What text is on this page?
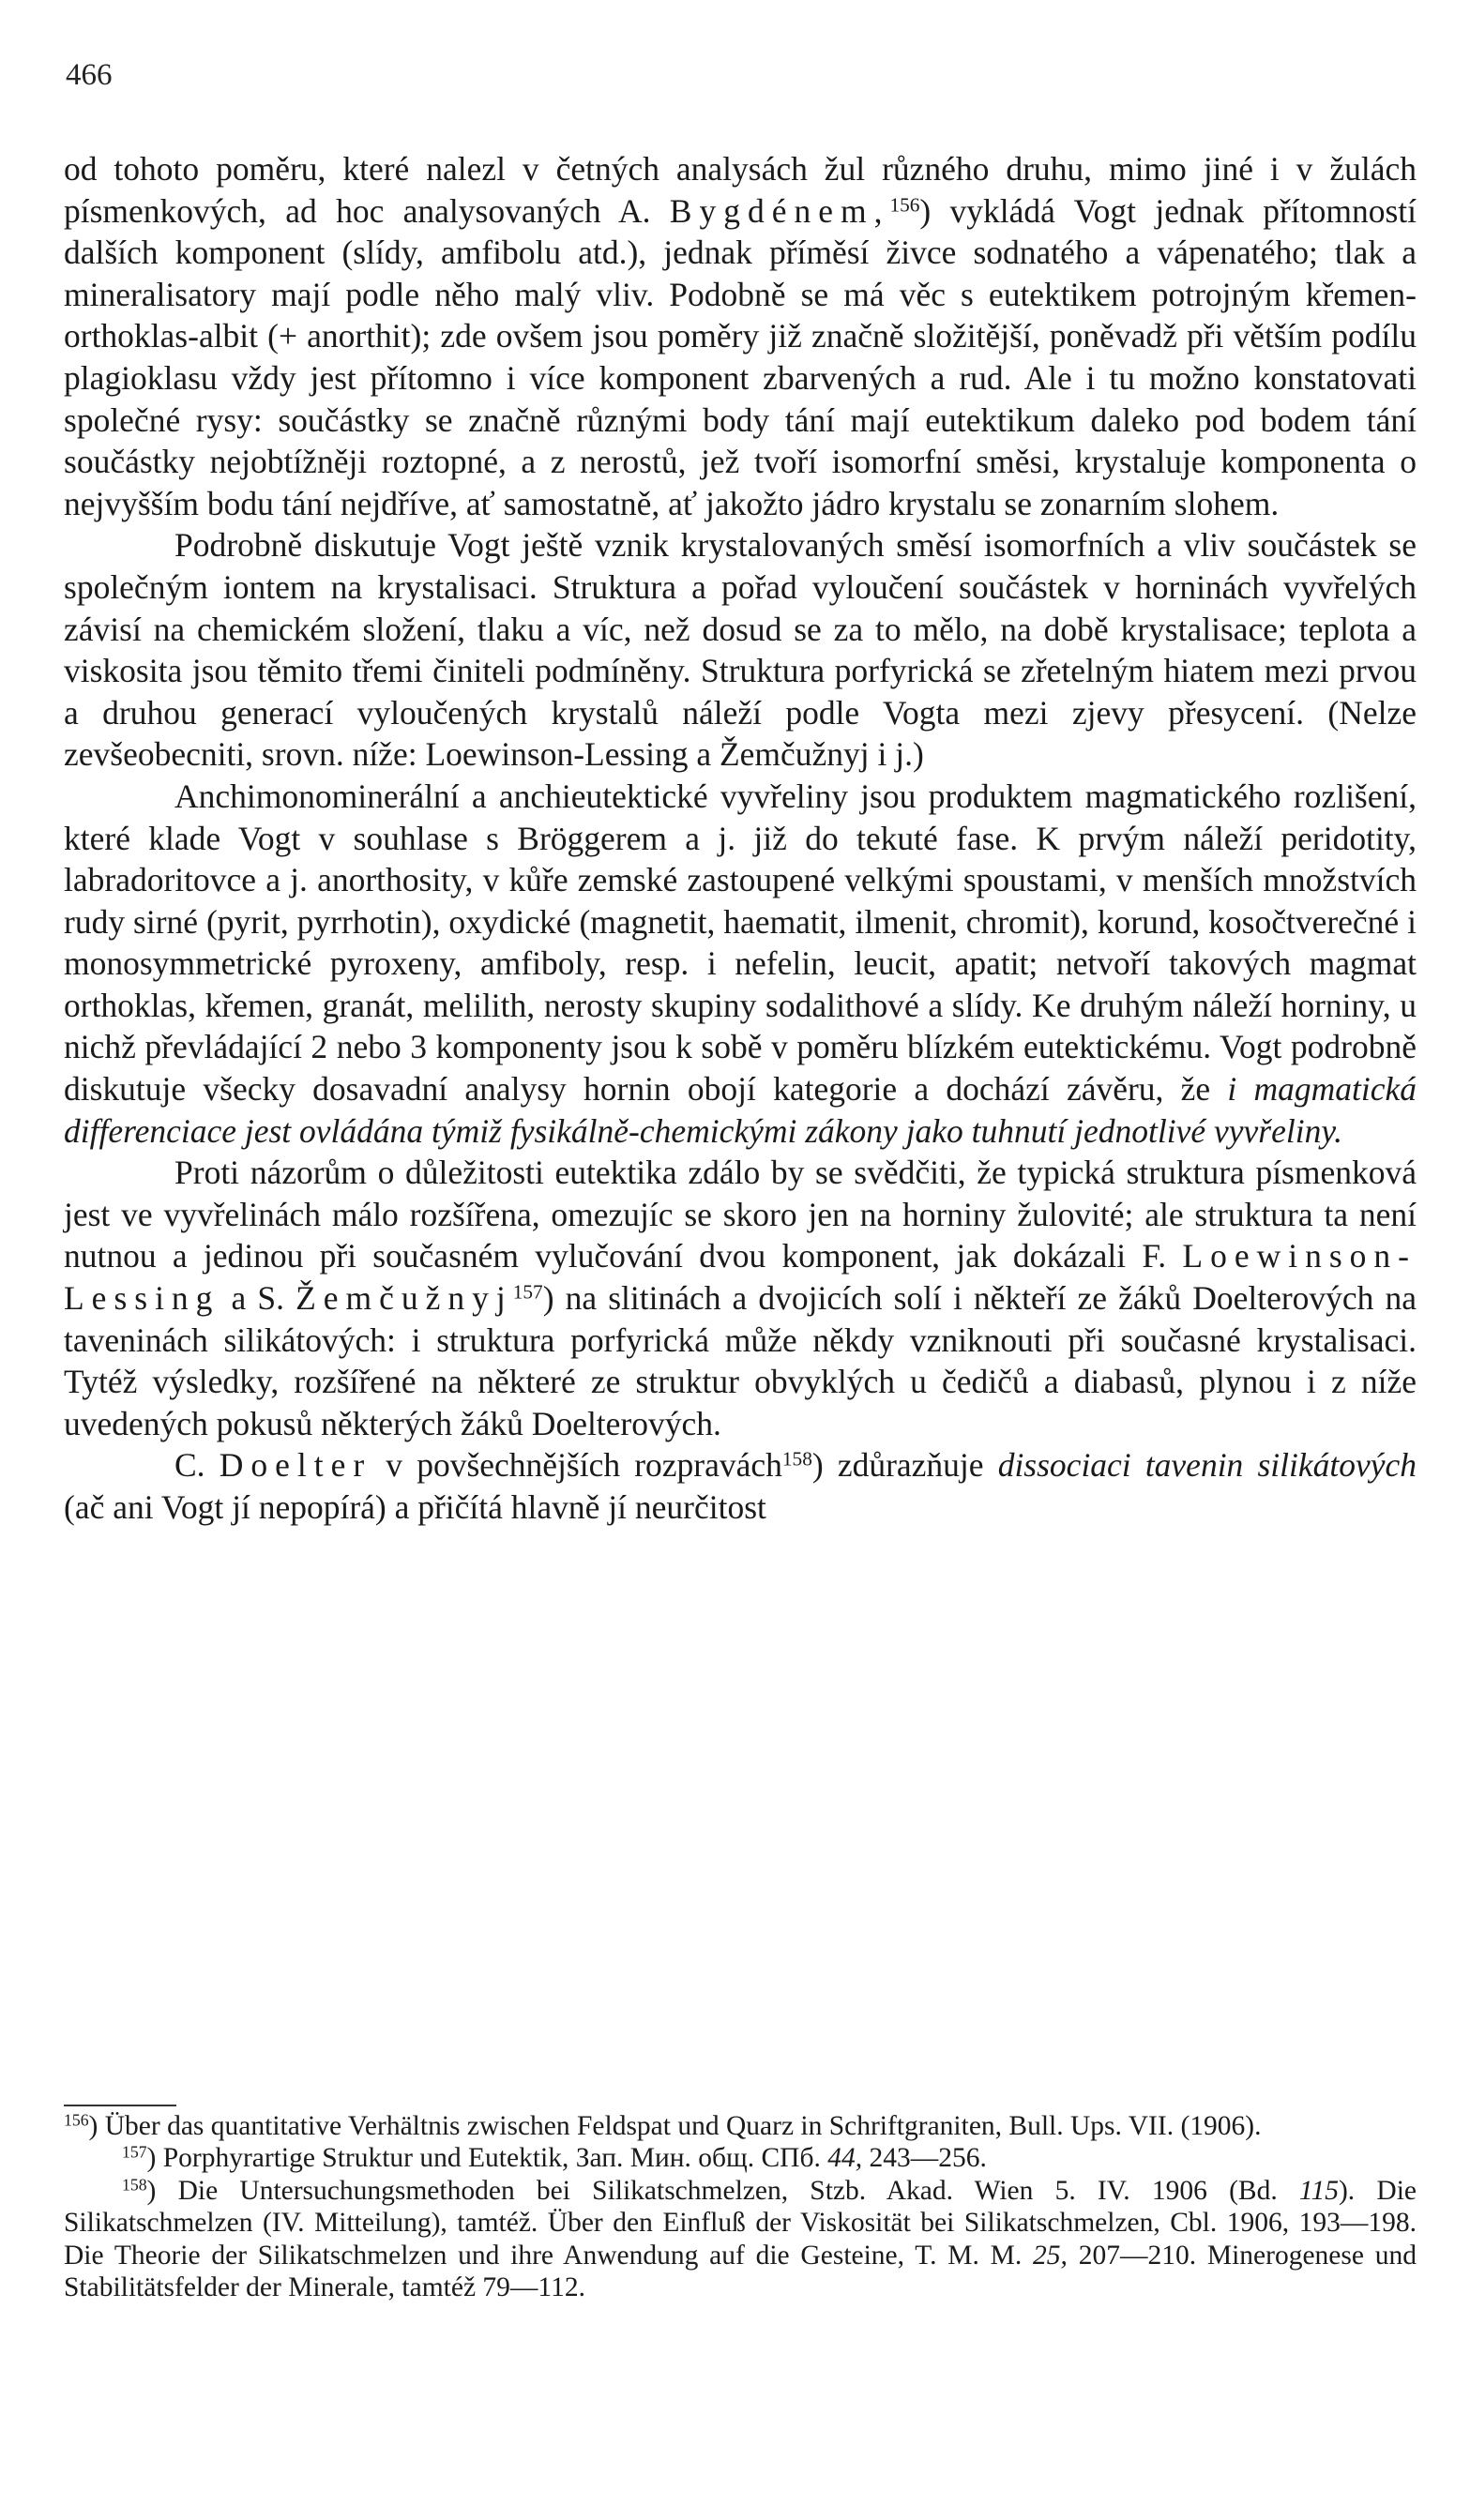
466

od tohoto poměru, které nalezl v četných analysách žul různého druhu, mimo jiné i v žulách písmenkových, ad hoc analysovaných A. Bygdénem,$^{156}$) vykládá Vogt jednak přítomností dalších komponent (slídy, amfibolu atd.), jednak příměsí živce sodnatého a vápenatého; tlak a mineralisatory mají podle něho malý vliv. Podobně se má věc s eutektikem potrojným křemen-orthoklas-albit (+ anorthit); zde ovšem jsou poměry již značně složitější, poněvadž při větším podílu plagioklasu vždy jest přítomno i více komponent zbarvených a rud. Ale i tu možno konstatovati společné rysy: součástky se značně různými body tání mají eutektikum daleko pod bodem tání součástky nejobtížněji roztopné, a z nerostů, jež tvoří isomorfní směsi, krystaluje komponenta o nejvyšším bodu tání nejdříve, ať samostatně, ať jakožto jádro krystalu se zonarním slohem.

Podrobně diskutuje Vogt ještě vznik krystalovaných směsí isomorfních a vliv součástek se společným iontem na krystalisaci. Struktura a pořad vyloučení součástek v horninách vyvřelých závisí na chemickém složení, tlaku a víc, než dosud se za to mělo, na době krystalisace; teplota a viskosita jsou těmito třemi činiteli podmíněny. Struktura porfyrická se zřetelným hiatem mezi prvou a druhou generací vyloučených krystalů náleží podle Vogta mezi zjevy přesycení. (Nelze zevšeobecniti, srovn. níže: Loewinson-Lessing a Žemčužnyj i j.)

Anchimonominerální a anchieutektické vyvřeliny jsou produktem magmatického rozlišení, které klade Vogt v souhlase s Bröggerem a j. již do tekuté fase. K prvým náleží peridotity, labradoritovce a j. anorthosity, v kůře zemské zastoupené velkými spoustami, v menších množstvích rudy sirné (pyrit, pyrrhotin), oxydické (magnetit, haematit, ilmenit, chromit), korund, kosočtverečné i monosymmetrické pyroxeny, amfiboly, resp. i nefelin, leucit, apatit; netvoří takových magmat orthoklas, křemen, granát, melilith, nerosty skupiny sodalithové a slídy. Ke druhým náleží horniny, u nichž převládající 2 nebo 3 komponenty jsou k sobě v poměru blízkém eutektickému. Vogt podrobně diskutuje všecky dosavadní analysy hornin obojí kategorie a dochází závěru, že i magmatická differenciace jest ovládána týmiž fysikálně-chemickými zákony jako tuhnutí jednotlivé vyvřeliny.

Proti názorům o důležitosti eutektika zdálo by se svědčiti, že typická struktura písmenková jest ve vyvřelinách málo rozšířena, omezujíc se skoro jen na horniny žulovité; ale struktura ta není nutnou a jedinou při současném vylučování dvou komponent, jak dokázali F. Loewinson-Lessing a S. Žemčužnyj$^{157}$) na slitinách a dvojicích solí i někteří ze žáků Doelterových na taveninách silikátových: i struktura porfyrická může někdy vzniknouti při současné krystalisaci. Tytéž výsledky, rozšířené na některé ze struktur obvyklých u čedičů a diabasů, plynou i z níže uvedených pokusů některých žáků Doelterových.

C. Doelter v povšechnějších rozpravách$^{158}$) zdůrazňuje dissociaci tavenin silikátových (ač ani Vogt jí nepopírá) a přičítá hlavně jí neurčitost

$^{156}$) Über das quantitative Verhältnis zwischen Feldspat und Quarz in Schriftgraniten, Bull. Ups. VII. (1906).

$^{157}$) Porphyrartige Struktur und Eutektik, Зап. Мин. общ. СПб. 44, 243—256.

$^{158}$) Die Untersuchungsmethoden bei Silikatschmelzen, Stzb. Akad. Wien 5. IV. 1906 (Bd. 115). Die Silikatschmelzen (IV. Mitteilung), tamtéž. Über den Einfluß der Viskosität bei Silikatschmelzen, Cbl. 1906, 193—198. Die Theorie der Silikatschmelzen und ihre Anwendung auf die Gesteine, T. M. M. 25, 207—210. Minerogenese und Stabilitätsfelder der Minerale, tamtéž 79—112.
